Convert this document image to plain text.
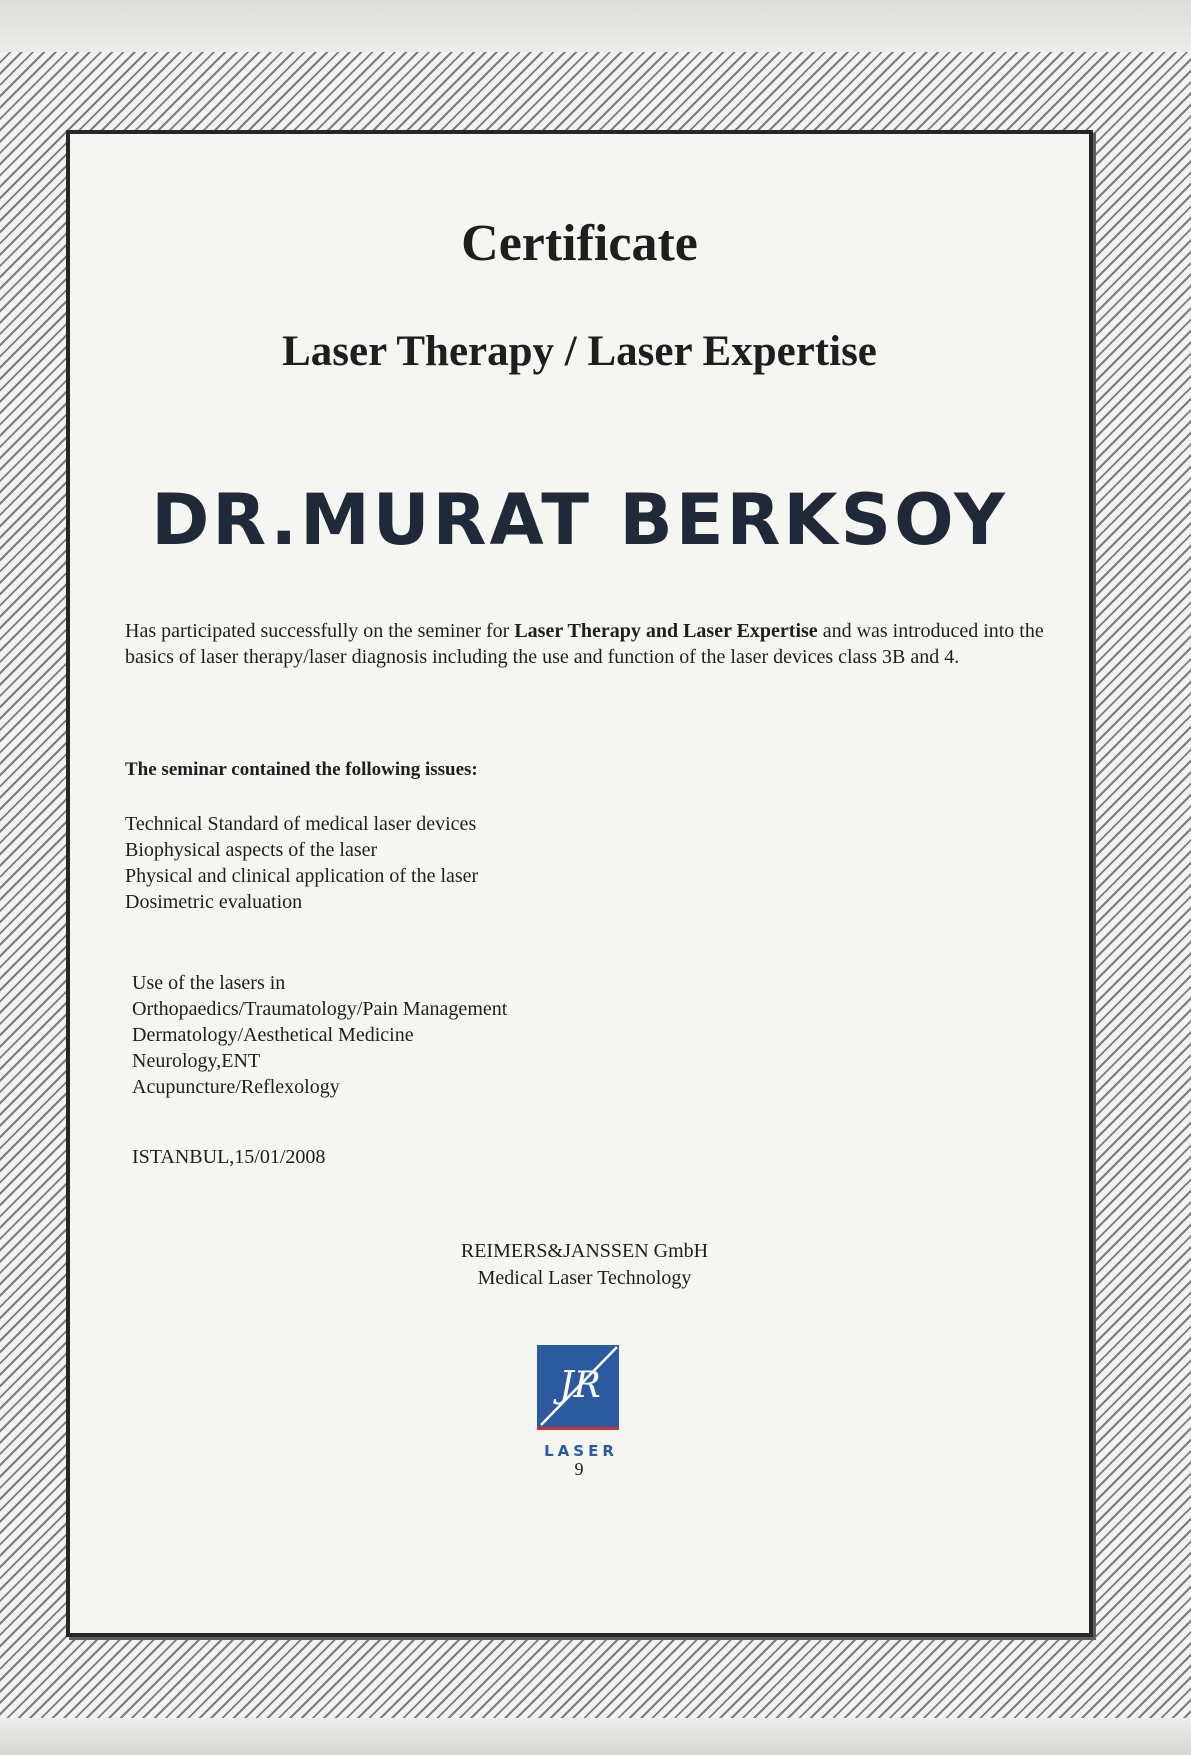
Certificate
Laser Therapy / Laser Expertise
DR.MURAT BERKSOY

Has participated successfully on the seminer for Laser Therapy and Laser Expertise and was introduced into the basics of laser therapy/laser diagnosis including the use and function of the laser devices class 3B and 4.

The seminar contained the following issues:

Technical Standard of medical laser devices
Biophysical aspects of the laser
Physical and clinical application of the laser
Dosimetric evaluation

Use of the lasers in

Orthopaedics/Traumatology/Pain Management
Dermatology/Aesthetical Medicine
Neurology,ENT
Acupuncture/Reflexology

ISTANBUL,15/01/2008

REIMERS&JANSSEN GmbH

Medical Laser Technology

JR
LASER
9
